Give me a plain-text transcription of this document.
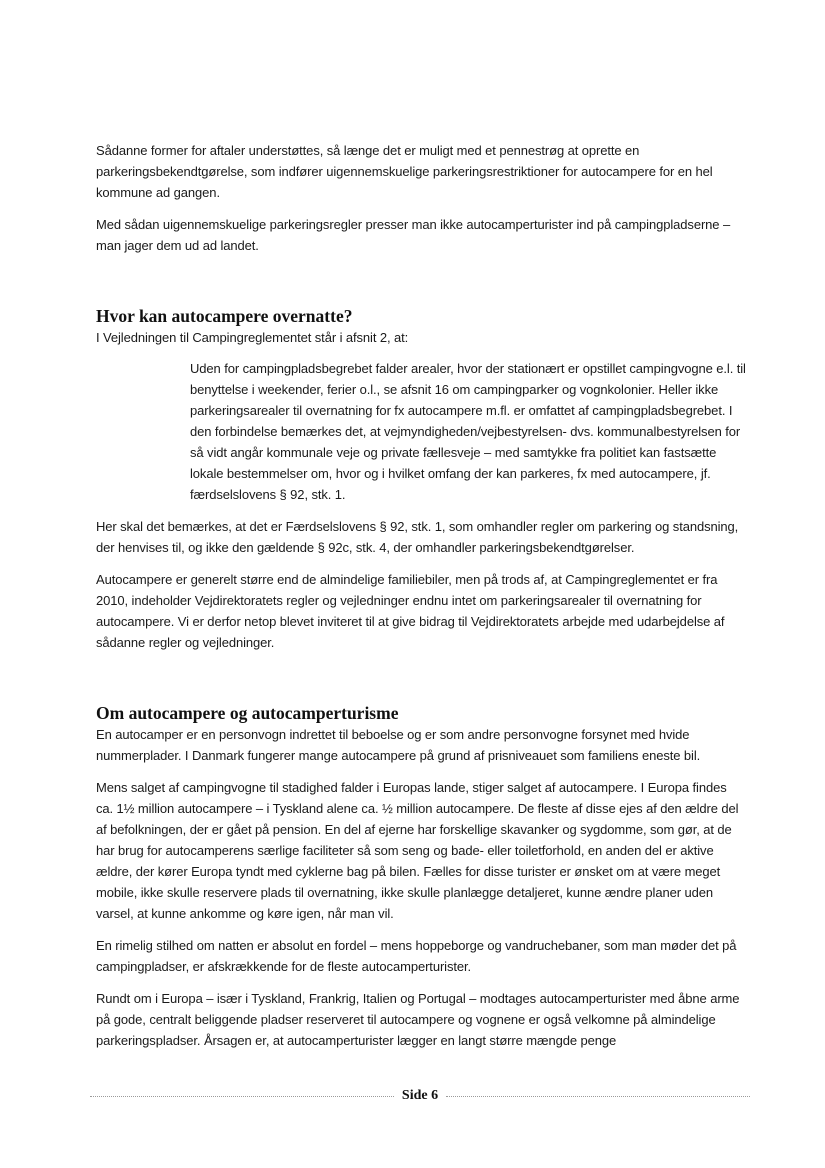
Sådanne former for aftaler understøttes, så længe det er muligt med et pennestrøg at oprette en parkeringsbekendtgørelse, som indfører uigennemskuelige parkeringsrestriktioner for autocampere for en hel kommune ad gangen.

Med sådan uigennemskuelige parkeringsregler presser man ikke autocamperturister ind på campingpladserne – man jager dem ud ad landet.

Hvor kan autocampere overnatte?

I Vejledningen til Campingreglementet står i afsnit 2, at:

Uden for campingpladsbegrebet falder arealer, hvor der stationært er opstillet campingvogne e.l. til benyttelse i weekender, ferier o.l., se afsnit 16 om campingparker og vognkolonier. Heller ikke parkeringsarealer til overnatning for fx autocampere m.fl. er omfattet af campingpladsbegrebet. I den forbindelse bemærkes det, at vejmyndigheden/vejbestyrelsen- dvs. kommunalbestyrelsen for så vidt angår kommunale veje og private fællesveje – med samtykke fra politiet kan fastsætte lokale bestemmelser om, hvor og i hvilket omfang der kan parkeres, fx med autocampere, jf. færdselslovens § 92, stk. 1.

Her skal det bemærkes, at det er Færdselslovens § 92, stk. 1, som omhandler regler om parkering og standsning, der henvises til, og ikke den gældende § 92c, stk. 4, der omhandler parkeringsbekendtgørelser.

Autocampere er generelt større end de almindelige familiebiler, men på trods af, at Campingreglementet er fra 2010, indeholder Vejdirektoratets regler og vejledninger endnu intet om parkeringsarealer til overnatning for autocampere. Vi er derfor netop blevet inviteret til at give bidrag til Vejdirektoratets arbejde med udarbejdelse af sådanne regler og vejledninger.

Om autocampere og autocamperturisme

En autocamper er en personvogn indrettet til beboelse og er som andre personvogne forsynet med hvide nummerplader. I Danmark fungerer mange autocampere på grund af prisniveauet som familiens eneste bil.

Mens salget af campingvogne til stadighed falder i Europas lande, stiger salget af autocampere. I Europa findes ca. 1½ million autocampere – i Tyskland alene ca. ½ million autocampere. De fleste af disse ejes af den ældre del af befolkningen, der er gået på pension. En del af ejerne har forskellige skavanker og sygdomme, som gør, at de har brug for autocamperens særlige faciliteter så som seng og bade- eller toiletforhold, en anden del er aktive ældre, der kører Europa tyndt med cyklerne bag på bilen. Fælles for disse turister er ønsket om at være meget mobile, ikke skulle reservere plads til overnatning, ikke skulle planlægge detaljeret, kunne ændre planer uden varsel, at kunne ankomme og køre igen, når man vil.

En rimelig stilhed om natten er absolut en fordel – mens hoppeborge og vandruchebaner, som man møder det på campingpladser, er afskrækkende for de fleste autocamperturister.

Rundt om i Europa – især i Tyskland, Frankrig, Italien og Portugal – modtages autocamperturister med åbne arme på gode, centralt beliggende pladser reserveret til autocampere og vognene er også velkomne på almindelige parkeringspladser. Årsagen er, at autocamperturister lægger en langt større mængde penge

Side 6
